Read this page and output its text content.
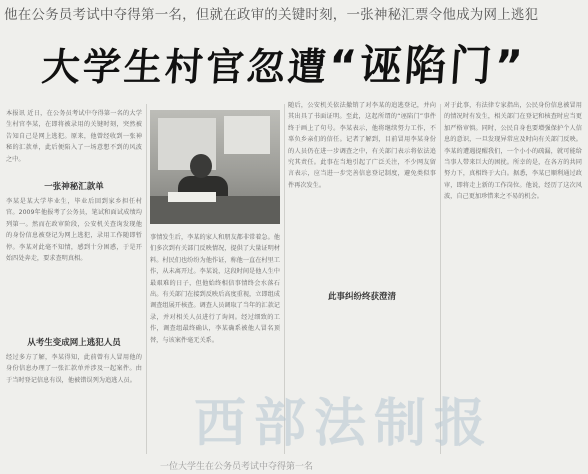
他在公务员考试中夺得第一名，但就在政审的关键时刻，一张神秘汇票令他成为网上逃犯
大学生村官忽遭“诬陷门”
本报讯 近日，在公务员考试中夺得第一名的大学生村官李某，在即将被录用的关键时刻，突然被告知自己是网上逃犯。原来，他曾经收到一张神秘的汇款单，此后便陷入了一场意想不到的风波之中。
一张神秘汇款单
李某是某大学毕业生，毕业后回到家乡担任村官。2009年他报考了公务员，笔试和面试成绩均列第一。然而在政审阶段，公安机关查询发现他的身份信息被登记为网上逃犯，录用工作随即暂停。李某对此毫不知情，感到十分困惑，于是开始四处奔走，要求查明真相。
从考生变成网上逃犯人员
经过多方了解，李某得知，此前曾有人冒用他的身份信息办理了一张汇款单并涉及一起案件。由于当时登记信息有误，他被错误列为追逃人员。
事情发生后，李某的家人和朋友都非常着急。他们多次到有关部门反映情况，提供了大量证明材料。村民们也纷纷为他作证，称他一直在村里工作，从未离开过。李某说，这段时间是他人生中最艰难的日子，但他始终相信事情终会水落石出。有关部门在接到反映后高度重视，立即组成调查组展开核查。调查人员调取了当年的汇款记录，并对相关人员进行了询问。经过细致的工作，调查组最终确认，李某确系被他人冒名顶替，与该案件毫无关系。
随后，公安机关依法撤销了对李某的追逃登记，并向其出具了书面证明。至此，这起所谓的“诬陷门”事件终于画上了句号。李某表示，他将继续努力工作，不辜负乡亲们的信任。记者了解到，目前冒用李某身份的人员仍在进一步调查之中，有关部门表示将依法追究其责任。此事在当地引起了广泛关注，不少网友留言表示，应当进一步完善信息登记制度，避免类似事件再次发生。
此事纠纷终获澄清
对于此事，有法律专家指出，公民身份信息被冒用的情况时有发生，相关部门在登记和核查时应当更加严格审慎。同时，公民自身也要增强保护个人信息的意识，一旦发现异常应及时向有关部门反映。李某的遭遇提醒我们，一个小小的疏漏，就可能给当事人带来巨大的困扰。所幸的是，在各方的共同努力下，真相终于大白。据悉，李某已顺利通过政审，即将走上新的工作岗位。他说，经历了这次风波，自己更加珍惜来之不易的机会。
西部法制报
一位大学生在公务员考试中夺得第一名
